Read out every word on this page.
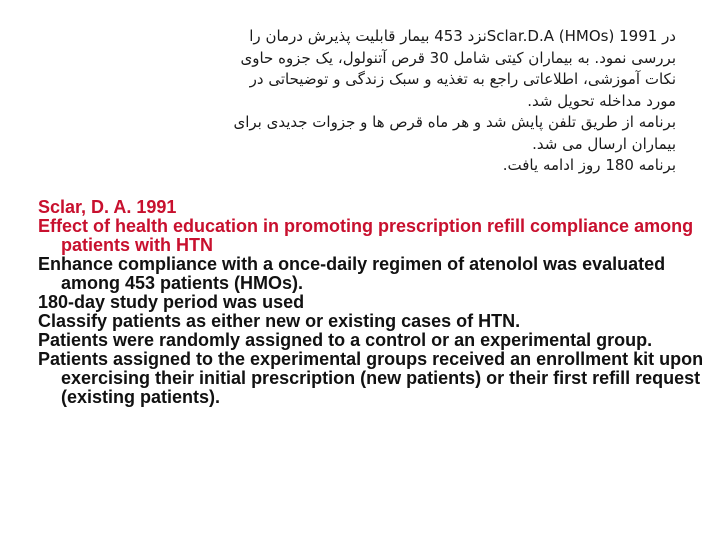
در 1991 (Sclar.D.A (HMOsنزد 453 بیمار قابلیت پذیرش درمان را

بررسی نمود. به بیماران کیتی شامل 30 قرص آتنولول، یک جزوه حاوی

نکات آموزشی، اطلاعاتی راجع به تغذیه و سبک زندگی و توضیحاتی در

مورد مداخله تحویل شد.

برنامه از طریق تلفن پایش شد و هر ماه قرص ها و جزوات جدیدی برای

بیماران ارسال می شد.

برنامه 180 روز ادامه یافت.

Sclar, D. A. 1991

Effect of health education in promoting prescription refill compliance among patients with HTN

Enhance compliance with a once-daily regimen of atenolol was evaluated among 453 patients (HMOs).

180-day study period was used

Classify patients as either new or existing cases of HTN.

Patients were randomly assigned to a control or an experimental group.

Patients assigned to the experimental groups received an enrollment kit upon exercising their initial prescription (new patients) or their first refill request (existing patients).
